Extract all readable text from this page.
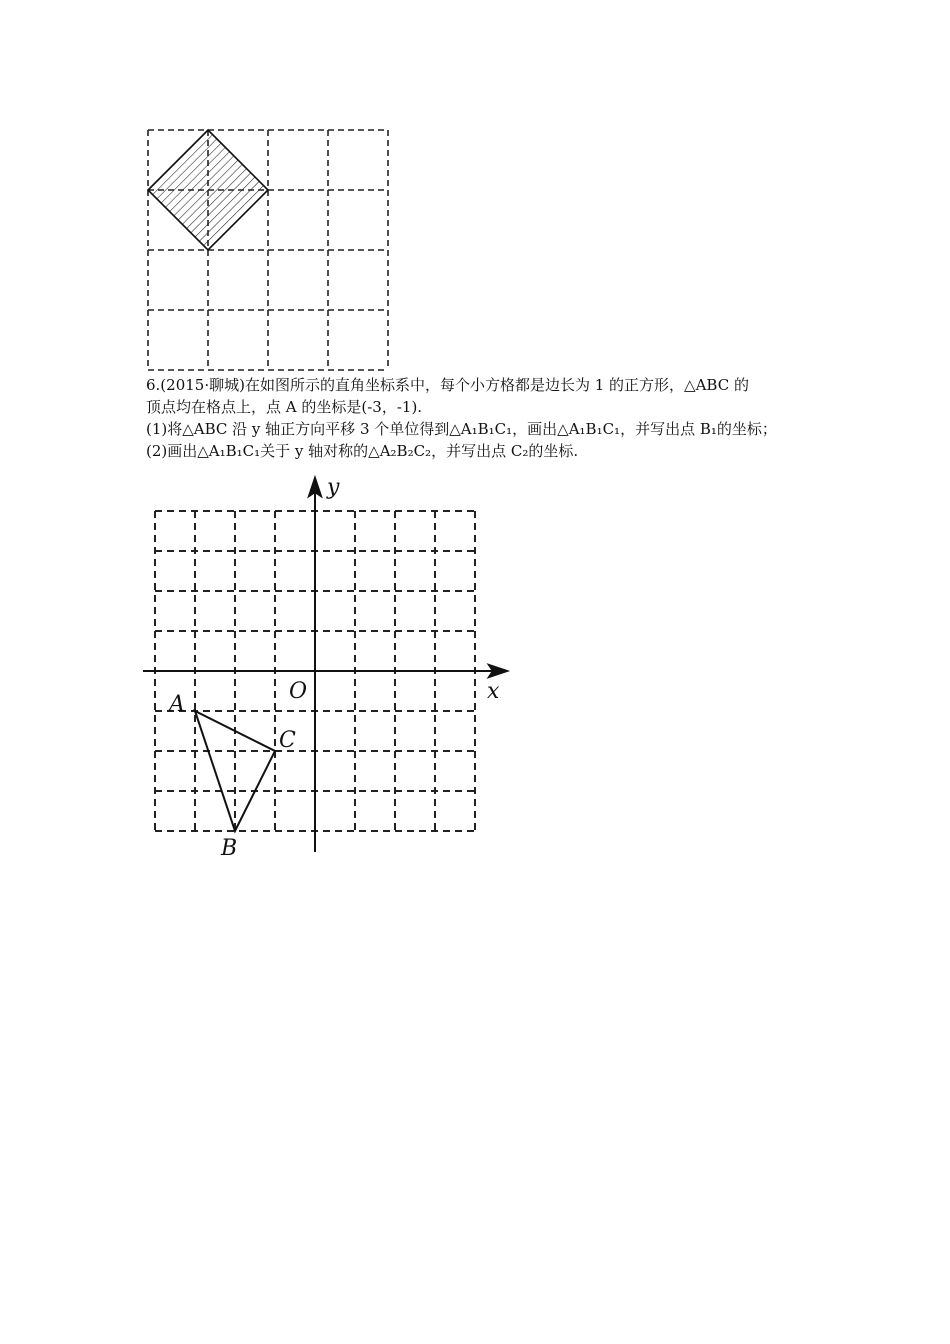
6.(2015·聊城)在如图所示的直角坐标系中，每个小方格都是边长为 1 的正方形，△ABC 的
顶点均在格点上，点 A 的坐标是(-3，-1).
(1)将△ABC 沿 y 轴正方向平移 3 个单位得到△A₁B₁C₁，画出△A₁B₁C₁，并写出点 B₁的坐标；
(2)画出△A₁B₁C₁关于 y 轴对称的△A₂B₂C₂，并写出点 C₂的坐标.
y
x
O
A
B
C
